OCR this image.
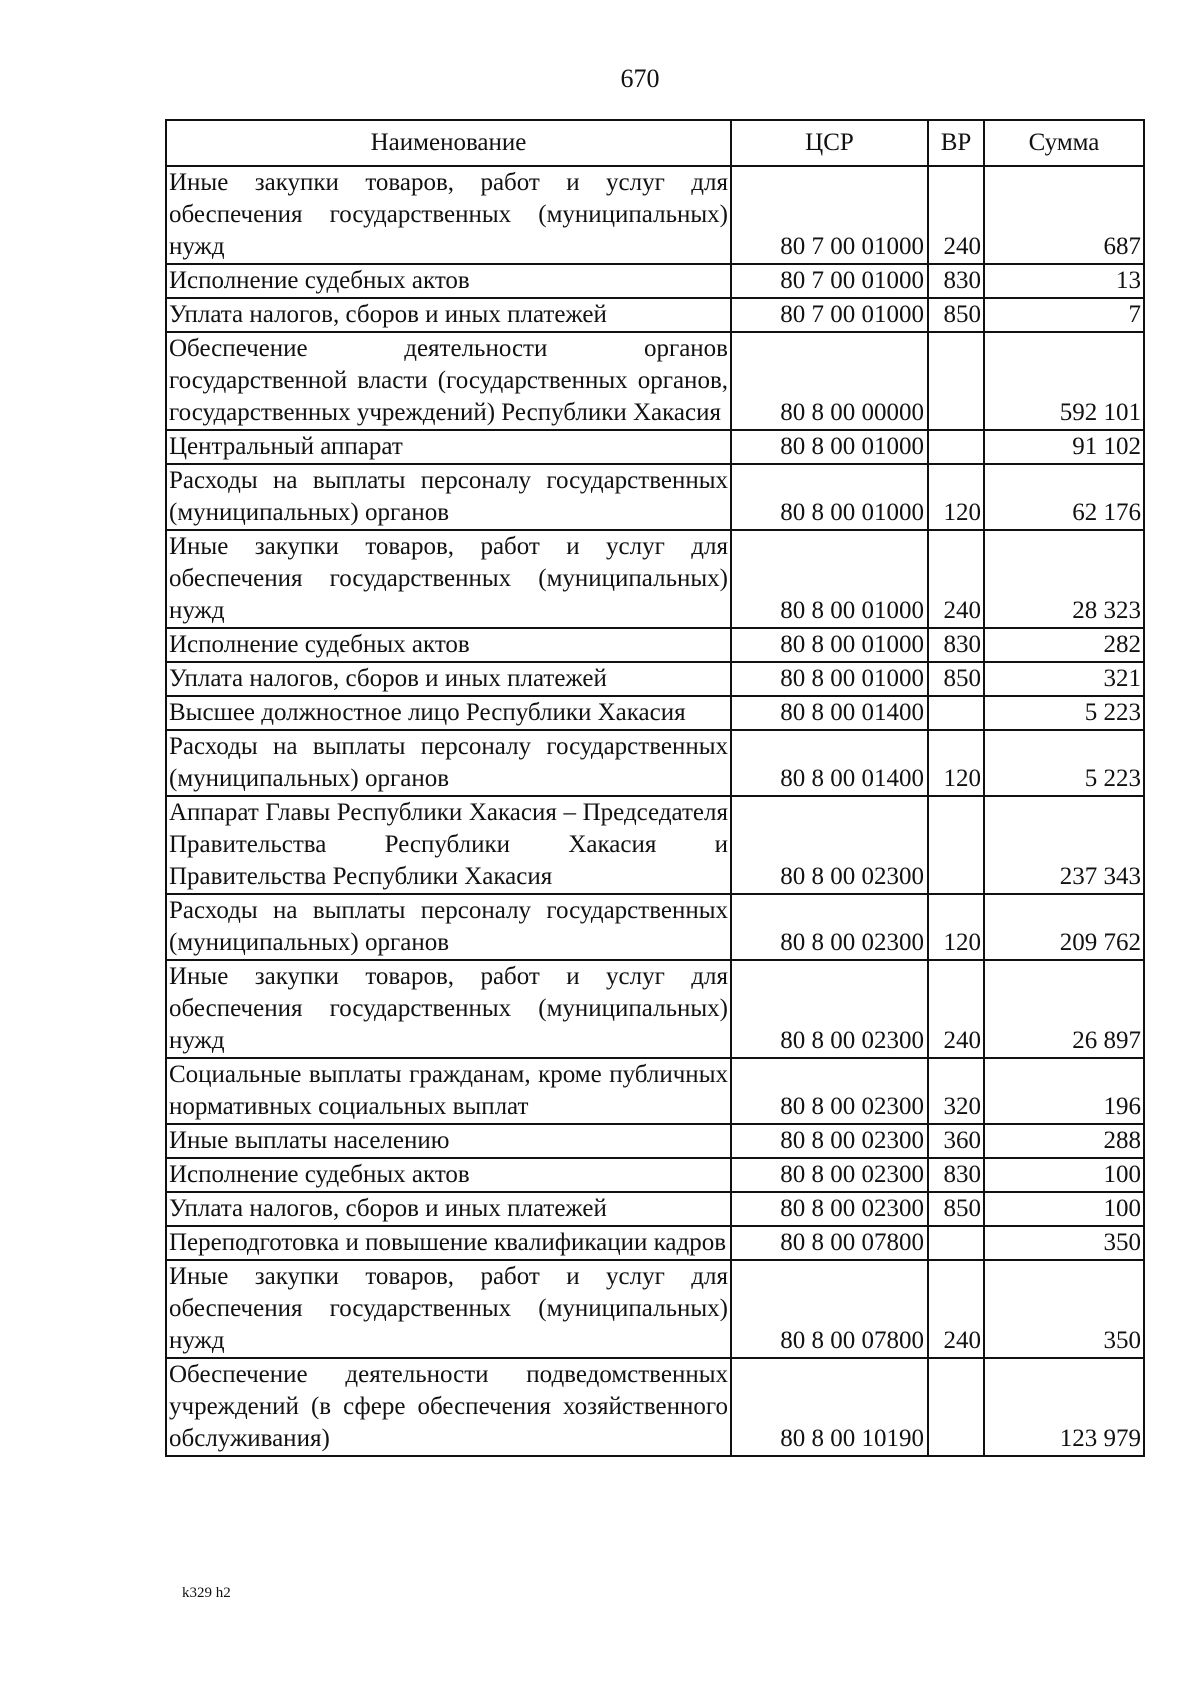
670
Наименование	ЦСР	ВР	Сумма
Иные закупки товаров, работ и услуг для обеспечения государственных (муниципальных) нужд	80 7 00 01000	240	687
Исполнение судебных актов	80 7 00 01000	830	13
Уплата налогов, сборов и иных платежей	80 7 00 01000	850	7
Обеспечение деятельности органов государственной власти (государственных органов, государственных учреждений) Республики Хакасия	80 8 00 00000		592 101
Центральный аппарат	80 8 00 01000		91 102
Расходы на выплаты персоналу государственных (муниципальных) органов	80 8 00 01000	120	62 176
Иные закупки товаров, работ и услуг для обеспечения государственных (муниципальных) нужд	80 8 00 01000	240	28 323
Исполнение судебных актов	80 8 00 01000	830	282
Уплата налогов, сборов и иных платежей	80 8 00 01000	850	321
Высшее должностное лицо Республики Хакасия	80 8 00 01400		5 223
Расходы на выплаты персоналу государственных (муниципальных) органов	80 8 00 01400	120	5 223
Аппарат Главы Республики Хакасия – Председателя Правительства Республики Хакасия и Правительства Республики Хакасия	80 8 00 02300		237 343
Расходы на выплаты персоналу государственных (муниципальных) органов	80 8 00 02300	120	209 762
Иные закупки товаров, работ и услуг для обеспечения государственных (муниципальных) нужд	80 8 00 02300	240	26 897
Социальные выплаты гражданам, кроме публичных нормативных социальных выплат	80 8 00 02300	320	196
Иные выплаты населению	80 8 00 02300	360	288
Исполнение судебных актов	80 8 00 02300	830	100
Уплата налогов, сборов и иных платежей	80 8 00 02300	850	100
Переподготовка и повышение квалификации кадров	80 8 00 07800		350
Иные закупки товаров, работ и услуг для обеспечения государственных (муниципальных) нужд	80 8 00 07800	240	350
Обеспечение деятельности подведомственных учреждений (в сфере обеспечения хозяйственного обслуживания)	80 8 00 10190		123 979
k329 h2
